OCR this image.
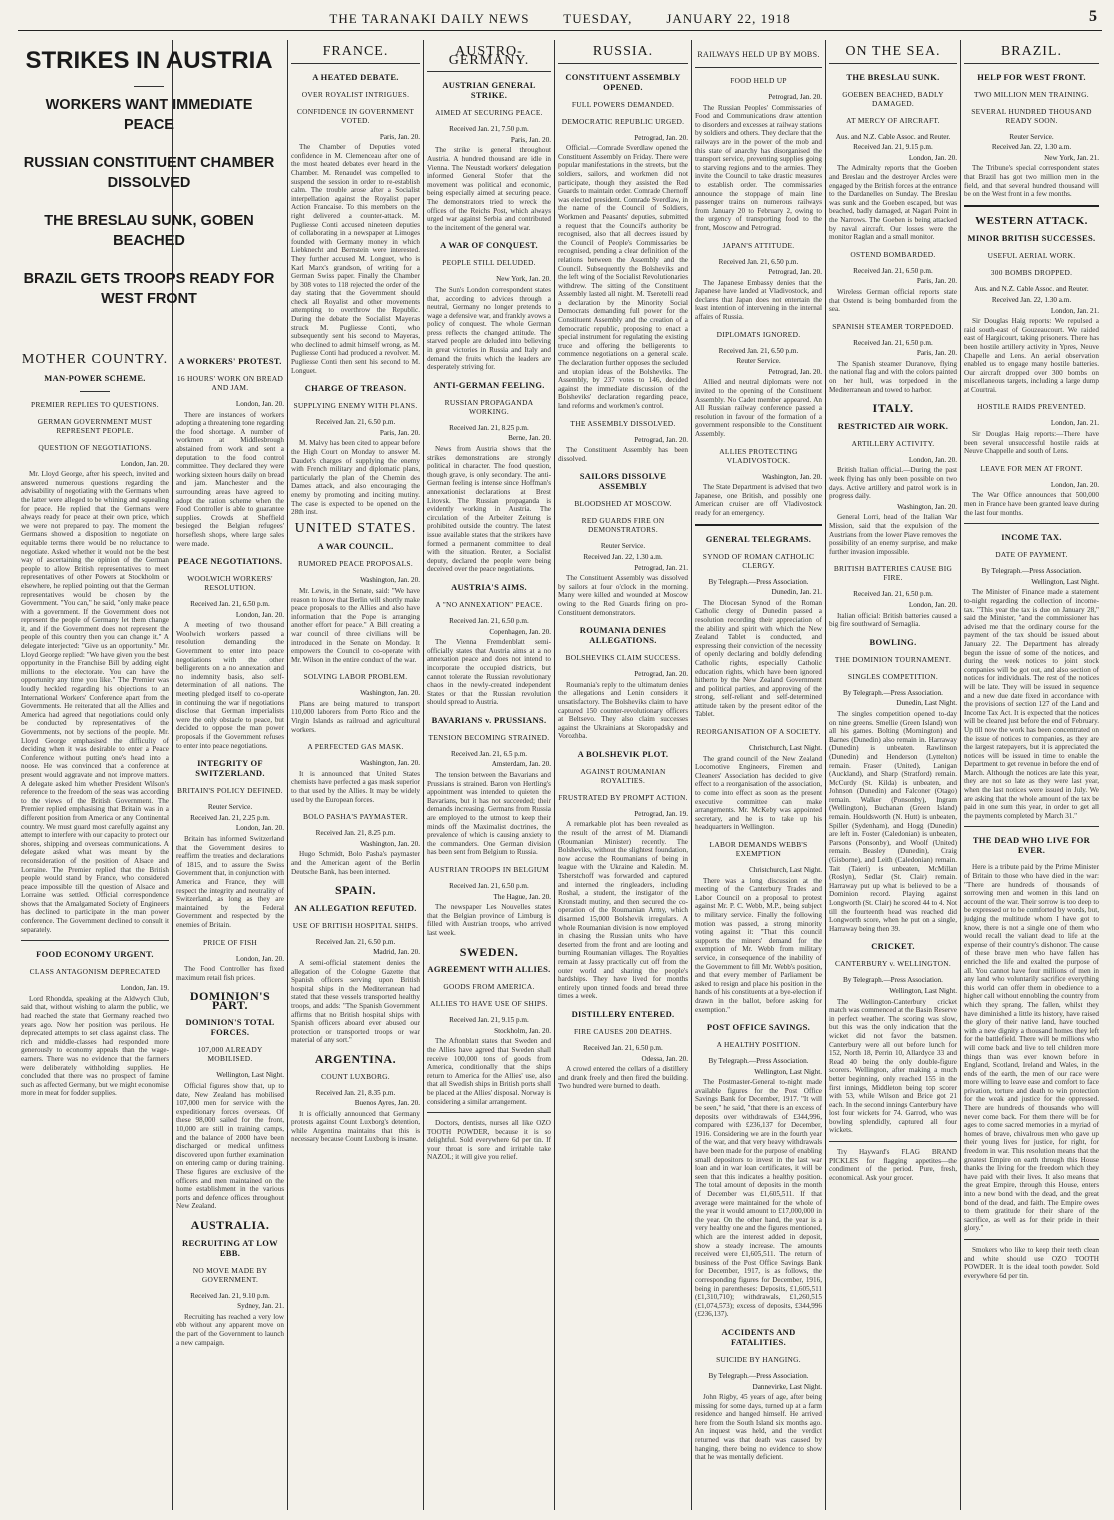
THE TARANAKI DAILY NEWS	TUESDAY,	JANUARY 22, 1918	5
STRIKES IN AUSTRIA
WORKERS WANT IMMEDIATE PEACE
RUSSIAN CONSTITUENT CHAMBER DISSOLVED
THE BRESLAU SUNK, GOBEN BEACHED
BRAZIL GETS TROOPS READY FOR WEST FRONT
MOTHER COUNTRY.
MAN-POWER SCHEME.
PREMIER REPLIES TO QUESTIONS.
GERMAN GOVERNMENT MUST REPRESENT PEOPLE.
QUESTION OF NEGOTIATIONS.
London, Jan. 20.

Mr. Lloyd George, after his speech, invited and answered numerous questions regarding the advisability of negotiating with the Germans when the latter were alleged to be whining and squealing for peace. He replied that the Germans were always ready for peace at their own price, which we were not prepared to pay. The moment the Germans showed a disposition to negotiate on equitable terms there would be no reluctance to negotiate. Asked whether it would not be the best way of ascertaining the opinion of the German people to allow British representatives to meet representatives of other Powers at Stockholm or elsewhere, he replied pointing out that the German representatives would be chosen by the Government. "You can," he said, "only make peace with a government. If the Government does not represent the people of Germany let them change it, and if the Government does not represent the people of this country then you can change it." A delegate interjected: "Give us an opportunity." Mr. Lloyd George replied: "We have given you the best opportunity in the Franchise Bill by adding eight millions to the electorate. You can have the opportunity any time you like." The Premier was loudly heckled regarding his objections to an International Workers' Conference apart from the Governments. He reiterated that all the Allies and America had agreed that negotiations could only be conducted by representatives of the Governments, not by sections of the people. Mr. Lloyd George emphasised the difficulty of deciding when it was desirable to enter a Peace Conference without putting one's head into a noose. He was convinced that a conference at present would aggravate and not improve matters. A delegate asked him whether President Wilson's reference to the freedom of the seas was according to the views of the British Government. The Premier replied emphasising that Britain was in a different position from America or any Continental country. We must guard most carefully against any attempt to interfere with our capacity to protect our shores, shipping and overseas communications. A delegate asked what was meant by the reconsideration of the position of Alsace and Lorraine. The Premier replied that the British people would stand by France, who considered peace impossible till the question of Alsace and Lorraine was settled. Official correspondence shows that the Amalgamated Society of Engineers has declined to participate in the man power conference. The Government declined to consult it separately.

FOOD ECONOMY URGENT.
CLASS ANTAGONISM DEPRECATED
London, Jan. 19.

Lord Rhondda, speaking at the Aldwych Club, said that, without wishing to alarm the public, we had reached the state that Germany reached two years ago. Now her position was perilous. He deprecated attempts to set class against class. The rich and middle-classes had responded more generously to economy appeals than the wage-earners. There was no evidence that the farmers were deliberately withholding supplies. He concluded that there was no prospect of famine such as affected Germany, but we might economise more in meat for fodder supplies.

A WORKERS' PROTEST.
16 HOURS' WORK ON BREAD AND JAM.
London, Jan. 20.

There are instances of workers adopting a threatening tone regarding the food shortage. A number of workmen at Middlesbrough abstained from work and sent a deputation to the food control committee. They declared they were working sixteen hours daily on bread and jam. Manchester and the surrounding areas have agreed to adopt the ration scheme when the Food Controller is able to guarantee supplies. Crowds at Sheffield besieged the Belgian refugees' horseflesh shops, where large sales were made.

PEACE NEGOTIATIONS.
WOOLWICH WORKERS' RESOLUTION.
Received Jan. 21, 6.50 p.m.
London, Jan. 20.

A meeting of two thousand Woolwich workers passed a resolution demanding the Government to enter into peace negotiations with the other belligerents on a no annexation and no indemnity basis, also self-determination of all nations. The meeting pledged itself to co-operate in continuing the war if negotiations disclose that German imperialists were the only obstacle to peace, but decided to oppose the man power proposals if the Government refuses to enter into peace negotiations.

INTEGRITY OF SWITZERLAND.
BRITAIN'S POLICY DEFINED.
Reuter Service.
Received Jan. 21, 2.25 p.m.
London, Jan. 20.

Britain has informed Switzerland that the Government desires to reaffirm the treaties and declarations of 1815, and to assure the Swiss Government that, in conjunction with America and France, they will respect the integrity and neutrality of Switzerland, as long as they are maintained by the Federal Government and respected by the enemies of Britain.

PRICE OF FISH
London, Jan. 20.

The Food Controller has fixed maximum retail fish prices.

DOMINION'S PART.
DOMINION'S TOTAL FORCES.
107,000 ALREADY MOBILISED.
Wellington, Last Night.

Official figures show that, up to date, New Zealand has mobilised 107,000 men for service with the expeditionary forces overseas. Of these 98,000 sailed for the front, 10,000 are still in training camps, and the balance of 2000 have been discharged or medical unfitness discovered upon further examination on entering camp or during training. These figures are exclusive of the officers and men maintained on the home establishment in the various ports and defence offices throughout New Zealand.

AUSTRALIA.
RECRUITING AT LOW EBB.
NO MOVE MADE BY GOVERNMENT.
Received Jan. 21, 9.10 p.m.
Sydney, Jan. 21.

Recruiting has reached a very low ebb without any apparent move on the part of the Government to launch a new campaign.

FRANCE.
A HEATED DEBATE.
OVER ROYALIST INTRIGUES.
CONFIDENCE IN GOVERNMENT VOTED.
Paris, Jan. 20.

The Chamber of Deputies voted confidence in M. Clemenceau after one of the most heated debates ever heard in the Chamber. M. Renaudel was compelled to suspend the session in order to re-establish calm. The trouble arose after a Socialist interpellation against the Royalist paper Action Francaise. To this members on the right delivered a counter-attack. M. Pugliesse Conti accused nineteen deputies of collaborating in a newspaper at Limoges founded with Germany money in which Liebknecht and Bernstein were interested. They further accused M. Longuet, who is Karl Marx's grandson, of writing for a German Swiss paper. Finally the Chamber by 308 votes to 118 rejected the order of the day stating that the Government should check all Royalist and other movements attempting to overthrow the Republic. During the debate the Socialist Mayeras struck M. Pugliesse Conti, who subsequently sent his second to Mayeras, who declined to admit himself wrong, as M. Pugliesse Conti had produced a revolver. M. Pugliesse Conti then sent his second to M. Longuet.

CHARGE OF TREASON.
SUPPLYING ENEMY WITH PLANS.
Received Jan. 21, 6.50 p.m.
Paris, Jan. 20.

M. Malvy has been cited to appear before the High Court on Monday to answer M. Daudet's charges of supplying the enemy with French military and diplomatic plans, particularly the plan of the Chemin des Dames attack, and also encouraging the enemy by promoting and inciting mutiny. The case is expected to be opened on the 28th inst.

UNITED STATES.
A WAR COUNCIL.
RUMORED PEACE PROPOSALS.
Washington, Jan. 20.

Mr. Lewis, in the Senate, said: "We have reason to know that Berlin will shortly make peace proposals to the Allies and also have information that the Pope is arranging another effort for peace." A Bill creating a war council of three civilians will be introduced in the Senate on Monday. It empowers the Council to co-operate with Mr. Wilson in the entire conduct of the war.

SOLVING LABOR PROBLEM.
Washington, Jan. 20.

Plans are being matured to transport 110,000 laborers from Porto Rico and the Virgin Islands as railroad and agricultural workers.

A PERFECTED GAS MASK.
Washington, Jan. 20.

It is announced that United States chemists have perfected a gas mask superior to that used by the Allies. It may be widely used by the European forces.

BOLO PASHA'S PAYMASTER.
Received Jan. 21, 8.25 p.m.
Washington, Jan. 20.

Hugo Schmidt, Bolo Pasha's paymaster and the American agent of the Berlin Deutsche Bank, has been interned.

SPAIN.
AN ALLEGATION REFUTED.
USE OF BRITISH HOSPITAL SHIPS.
Received Jan. 21, 6.50 p.m.
Madrid, Jan. 20.

A semi-official statement denies the allegation of the Cologne Gazette that Spanish officers serving upon British hospital ships in the Mediterranean had stated that these vessels transported healthy troops, and adds: "The Spanish Government affirms that no British hospital ships with Spanish officers aboard ever abused our protection or transported troops or war material of any sort."

ARGENTINA.
COUNT LUXBORG.
Received Jan. 21, 8.35 p.m.
Buenos Ayres, Jan. 20.

It is officially announced that Germany protests against Count Luxborg's detention, while Argentina maintains that this is necessary because Count Luxborg is insane.

AUSTRO-GERMANY.
AUSTRIAN GENERAL STRIKE.
AIMED AT SECURING PEACE.
Received Jan. 21, 7.50 p.m.
Paris, Jan. 20.

The strike is general throughout Austria. A hundred thousand are idle in Vienna. The Neustadt workers' delegation informed General Stofer that the movement was political and economic, being especially aimed at securing peace. The demonstrators tried to wreck the offices of the Reichs Post, which always urged war against Serbia and contributed to the incitement of the general war.

A WAR OF CONQUEST.
PEOPLE STILL DELUDED.
New York, Jan. 20.

The Sun's London correspondent states that, according to advices through a neutral, Germany no longer pretends to wage a defensive war, and frankly avows a policy of conquest. The whole German press reflects the changed attitude. The starved people are deluded into believing in great victories in Russia and Italy and demand the fruits which the leaders are desperately striving for.

ANTI-GERMAN FEELING.
RUSSIAN PROPAGANDA WORKING.
Received Jan. 21, 8.25 p.m.
Berne, Jan. 20.

News from Austria shows that the strikes demonstrations are strongly political in character. The food question, though grave, is only secondary. The anti-German feeling is intense since Hoffman's annexationist declarations at Brest Litovsk. The Russian propaganda is evidently working in Austria. The circulation of the Arbeiter Zeitung is prohibited outside the country. The latest issue available states that the strikers have formed a permanent committee to deal with the situation. Reuter, a Socialist deputy, declared the people were being deceived over the peace negotiations.

AUSTRIA'S AIMS.
A "NO ANNEXATION" PEACE.
Received Jan. 21, 6.50 p.m.
Copenhagen, Jan. 20.

The Vienna Fremdenblatt semi-officially states that Austria aims at a no annexation peace and does not intend to incorporate the occupied districts, but cannot tolerate the Russian revolutionary chaos in the newly-created independent States or that the Russian revolution should spread to Austria.

BAVARIANS v. PRUSSIANS.
TENSION BECOMING STRAINED.
Received Jan. 21, 6.5 p.m.
Amsterdam, Jan. 20.

The tension between the Bavarians and Prussians is strained. Baron von Hertling's appointment was intended to quieten the Bavarians, but it has not succeeded; their demands increasing. Germans from Russia are employed to the utmost to keep their minds off the Maximalist doctrines, the prevalence of which is causing anxiety to the commanders. One German division has been sent from Belgium to Russia.

AUSTRIAN TROOPS IN BELGIUM
Received Jan. 21, 6.50 p.m.
The Hague, Jan. 20.

The newspaper Les Nouvelles states that the Belgian province of Limburg is filled with Austrian troops, who arrived last week.

SWEDEN.
AGREEMENT WITH ALLIES.
GOODS FROM AMERICA.
ALLIES TO HAVE USE OF SHIPS.
Received Jan. 21, 9.15 p.m.
Stockholm, Jan. 20.

The Aftonblatt states that Sweden and the Allies have agreed that Sweden shall receive 100,000 tons of goods from America, conditionally that the ships return to America for the Allies' use, also that all Swedish ships in British ports shall be placed at the Allies' disposal. Norway is considering a similar arrangement.

Doctors, dentists, nurses all like OZO TOOTH POWDER, because it is so delightful. Sold everywhere 6d per tin. If your throat is sore and irritable take NAZOL; it will give you relief.

RUSSIA.
CONSTITUENT ASSEMBLY OPENED.
FULL POWERS DEMANDED.
DEMOCRATIC REPUBLIC URGED.
Petrograd, Jan. 20.

Official.—Comrade Sverdlaw opened the Constituent Assembly on Friday. There were popular manifestations in the streets, but the soldiers, sailors, and workmen did not participate, though they assisted the Red Guards to maintain order. Comrade Chernoff was elected president. Comrade Sverdlaw, in the name of the Council of Soldiers, Workmen and Peasants' deputies, submitted a request that the Council's authority be recognised, also that all decrees issued by the Council of People's Commissaries be recognised, pending a clear definition of the relations between the Assembly and the Council. Subsequently the Bolsheviks and the left wing of the Socialist Revolutionaries withdrew. The sitting of the Constituent Assembly lasted all night. M. Tseretelli read a declaration by the Minority Social Democrats demanding full power for the Constituent Assembly and the creation of a democratic republic, proposing to enact a special instrument for regulating the existing truce and offering the belligerents to commence negotiations on a general scale. The declaration further opposes the secluded and utopian ideas of the Bolsheviks. The Assembly, by 237 votes to 146, decided against the immediate discussion of the Bolsheviks' declaration regarding peace, land reforms and workmen's control.

THE ASSEMBLY DISSOLVED.
Petrograd, Jan. 20.

The Constituent Assembly has been dissolved.

SAILORS DISSOLVE ASSEMBLY
BLOODSHED AT MOSCOW.
RED GUARDS FIRE ON DEMONSTRATORS.
Reuter Service.
Received Jan. 22, 1.30 a.m.
Petrograd, Jan. 21.

The Constituent Assembly was dissolved by sailors at four o'clock in the morning. Many were killed and wounded at Moscow owing to the Red Guards firing on pro-Constituent demonstrators.

ROUMANIA DENIES ALLEGATIONS.
BOLSHEVIKS CLAIM SUCCESS.
Petrograd, Jan. 20.

Roumania's reply to the ultimatum denies the allegations and Lenin considers it unsatisfactory. The Bolsheviks claim to have captured 150 counter-revolutionary officers at Beltsevo. They also claim successes against the Ukrainians at Skoropadsky and Vorozhba.

A BOLSHEVIK PLOT.
AGAINST ROUMANIAN ROYALTIES.
FRUSTRATED BY PROMPT ACTION.
Petrograd, Jan. 19.

A remarkable plot has been revealed as the result of the arrest of M. Diamandi (Roumanian Minister) recently. The Bolsheviks, without the slightest foundation, now accuse the Roumanians of being in league with the Ukraine and Kaledin. M. Tsherstchoff was forwarded and captured and interned the ringleaders, including Roshal, a student, the instigator of the Kronstadt mutiny, and then secured the co-operation of the Roumanian Army, which disarmed 15,000 Bolshevik irregulars. A whole Roumanian division is now employed in chasing the Russian units who have deserted from the front and are looting and burning Roumanian villages. The Royalties remain at Jassy practically cut off from the outer world and sharing the people's hardships. They have lived for months entirely upon tinned foods and bread three times a week.

DISTILLERY ENTERED.
FIRE CAUSES 200 DEATHS.
Received Jan. 21, 6.50 p.m.
Odessa, Jan. 20.

A crowd entered the cellars of a distillery and drank freely and then fired the building. Two hundred were burned to death.

RAILWAYS HELD UP BY MOBS.
FOOD HELD UP
Petrograd, Jan. 20.

The Russian Peoples' Commissaries of Food and Communications draw attention to disorders and excesses at railway stations by soldiers and others. They declare that the railways are in the power of the mob and this state of anarchy has disorganised the transport service, preventing supplies going to starving regions and to the armies. They invite the Council to take drastic measures to establish order. The commissaries announce the stoppage of main line passenger trains on numerous railways from January 20 to February 2, owing to the urgency of transporting food to the front, Moscow and Petrograd.

JAPAN'S ATTITUDE.
Received Jan. 21, 6.50 p.m.
Petrograd, Jan. 20.

The Japanese Embassy denies that the Japanese have landed at Vladivostock, and declares that Japan does not entertain the least intention of intervening in the internal affairs of Russia.

DIPLOMATS IGNORED.
Received Jan. 21, 6.50 p.m.
Reuter Service.
Petrograd, Jan. 20.

Allied and neutral diplomats were not invited to the opening of the Constituent Assembly. No Cadet member appeared. An All Russian railway conference passed a resolution in favour of the formation of a government responsible to the Constituent Assembly.

ALLIES PROTECTING VLADIVOSTOCK.
Washington, Jan. 20.

The State Department is advised that two Japanese, one British, and possibly one American cruiser are off Vladivostock ready for an emergency.

GENERAL TELEGRAMS.
SYNOD OF ROMAN CATHOLIC CLERGY.
By Telegraph.—Press Association.
Dunedin, Jan. 21.

The Diocesan Synod of the Roman Catholic clergy of Dunedin passed a resolution recording their appreciation of the ability and spirit with which the New Zealand Tablet is conducted, and expressing their conviction of the necessity of openly declaring and boldly defending Catholic rights, especially Catholic education rights, which have been ignored hitherto by the New Zealand Government and political parties, and approving of the strong, self-reliant and self-determined attitude taken by the present editor of the Tablet.

REORGANISATION OF A SOCIETY.
Christchurch, Last Night.

The grand council of the New Zealand Locomotive Engineers, Firemen and Cleaners' Association has decided to give effect to a reorganisation of the association, to come into effect as soon as the present executive committee can make arrangements. Mr. McKeby was appointed secretary, and he is to take up his headquarters in Wellington.

LABOR DEMANDS WEBB'S EXEMPTION
Christchurch, Last Night.

There was a long discussion at the meeting of the Canterbury Trades and Labor Council on a proposal to protest against Mr. P. C. Webb, M.P., being subject to military service. Finally the following motion was passed, a strong minority voting against it: "That this council supports the miners' demand for the exemption of Mr. Webb from military service, in consequence of the inability of the Government to fill Mr. Webb's position, and that every member of Parliament be asked to resign and place his position in the hands of his constituents at a bye-election if drawn in the ballot, before asking for exemption."

POST OFFICE SAVINGS.
A HEALTHY POSITION.
By Telegraph.—Press Association.
Wellington, Last Night.

The Postmaster-General to-night made available figures for the Post Office Savings Bank for December, 1917. "It will be seen," he said, "that there is an excess of deposits over withdrawals of £344,996, compared with £236,137 for December, 1916. Considering we are in the fourth year of the war, and that very heavy withdrawals have been made for the purpose of enabling small depositors to invest in the last war loan and in war loan certificates, it will be seen that this indicates a healthy position. The total amount of deposits in the month of December was £1,605,511. If that average were maintained for the whole of the year it would amount to £17,000,000 in the year. On the other hand, the year is a very healthy one and the figures mentioned, which are the interest added in deposit, show a steady increase. The amounts received were £1,605,511. The return of business of the Post Office Savings Bank for December, 1917, is as follows, the corresponding figures for December, 1916, being in parentheses: Deposits, £1,605,511 (£1,310,710); withdrawals, £1,260,515 (£1,074,573); excess of deposits, £344,996 (£236,137).

ACCIDENTS AND FATALITIES.
SUICIDE BY HANGING.
By Telegraph.—Press Association.
Dannevirke, Last Night.

John Rigby, 45 years of age, after being missing for some days, turned up at a farm residence and hanged himself. He arrived here from the South Island six months ago. An inquest was held, and the verdict returned was that death was caused by hanging, there being no evidence to show that he was mentally deficient.

ON THE SEA.
THE BRESLAU SUNK.
GOEBEN BEACHED, BADLY DAMAGED.
AT MERCY OF AIRCRAFT.
Aus. and N.Z. Cable Assoc. and Reuter.
Received Jan. 21, 9.15 p.m.
London, Jan. 20.

The Admiralty reports that the Goeben and Breslau and the destroyer Arcles were engaged by the British forces at the entrance to the Dardanelles on Sunday. The Breslau was sunk and the Goeben escaped, but was beached, badly damaged, at Nagari Point in the Narrows. The Goeben is being attacked by naval aircraft. Our losses were the monitor Raglan and a small monitor.

OSTEND BOMBARDED.
Received Jan. 21, 6.50 p.m.
Paris, Jan. 20.

Wireless German official reports state that Ostend is being bombarded from the sea.

SPANISH STEAMER TORPEDOED.
Received Jan. 21, 6.50 p.m.
Paris, Jan. 20.

The Spanish steamer Duranove, flying the national flag and with the colors painted on her hull, was torpedoed in the Mediterranean and towed to harbor.

ITALY.
RESTRICTED AIR WORK.
ARTILLERY ACTIVITY.
London, Jan. 20.

British Italian official.—During the past week flying has only been possible on two days. Active artillery and patrol work is in progress daily.

Washington, Jan. 20.

General Lorri, head of the Italian War Mission, said that the expulsion of the Austrians from the lower Piave removes the possibility of an enemy surprise, and make further invasion impossible.

BRITISH BATTERIES CAUSE BIG FIRE.
Received Jan. 21, 6.50 p.m.
London, Jan. 20.

Italian official: British batteries caused a big fire southward of Sernaglia.

BOWLING.
THE DOMINION TOURNAMENT.
SINGLES COMPETITION.
By Telegraph.—Press Association.
Dunedin, Last Night.

The singles competition opened to-day on nine greens. Smellie (Green Island) won all his games. Bolting (Mornington) and Barnes (Dunedin) also remain in. Harraway (Dunedin) is unbeaten. Rawlinson (Dunedin) and Henderson (Lyttelton) remain. Fraser (United), Lanigan (Auckland), and Sharp (Stratford) remain. McCurdy (St. Kilda) is unbeaten, and Johnson (Dunedin) and Falconer (Otago) remain. Walker (Ponsonby), Ingram (Wellington), Buchanan (Green Island) remain. Houldsworth (N. Hutt) is unbeaten, Spiller (Sydenham), and Hogg (Dunedin) are left in. Foster (Caledonian) is unbeaten, Parsons (Ponsonby), and Woolf (United) remain. Beasley (Dunedin), Craig (Gisborne), and Leith (Caledonian) remain. Tait (Taieri) is unbeaten, McMillan (Roslyn), Sedlar (St. Clair) remain. Harraway put up what is believed to be a Dominion record. Playing against Longworth (St. Clair) he scored 44 to 4. Not till the fourteenth head was reached did Longworth score, when he put on a single, Harraway being then 39.

CRICKET.
CANTERBURY v. WELLINGTON.
By Telegraph.—Press Association.
Wellington, Last Night.

The Wellington-Canterbury cricket match was commenced at the Basin Reserve in perfect weather. The scoring was slow, but this was the only indication that the wicket did not favor the batsmen. Canterbury were all out before lunch for 152, North 18, Perrin 10, Allardyce 33 and Read 40 being the only double-figure scorers. Wellington, after making a much better beginning, only reached 155 in the first innings, Middleton being top scorer with 53, while Wilson and Brice got 21 each. In the second innings Canterbury have lost four wickets for 74. Garrod, who was bowling splendidly, captured all four wickets.

Try Hayward's FLAG BRAND PICKLES for flagging appetites—the condiment of the period. Pure, fresh, economical. Ask your grocer.

BRAZIL.
HELP FOR WEST FRONT.
TWO MILLION MEN TRAINING.
SEVERAL HUNDRED THOUSAND READY SOON.
Reuter Service.
Received Jan. 22, 1.30 a.m.
New York, Jan. 21.

The Tribune's special correspondent states that Brazil has got two million men in the field, and that several hundred thousand will be on the West front in a few months.

WESTERN ATTACK.
MINOR BRITISH SUCCESSES.
USEFUL AERIAL WORK.
300 BOMBS DROPPED.
Aus. and N.Z. Cable Assoc. and Reuter.
Received Jan. 22, 1.30 a.m.
London, Jan. 21.

Sir Douglas Haig reports: We repulsed a raid south-east of Gouzeaucourt. We raided east of Hargicourt, taking prisoners. There has been hostile artillery activity in Ypres, Neuve Chapelle and Lens. An aerial observation enabled us to engage many hostile batteries. Our aircraft dropped over 300 bombs on miscellaneous targets, including a large dump at Courtrai.

HOSTILE RAIDS PREVENTED.
London, Jan. 21.

Sir Douglas Haig reports:—There have been several unsuccessful hostile raids at Neuve Chappelle and south of Lens.

LEAVE FOR MEN AT FRONT.
London, Jan. 20.

The War Office announces that 500,000 men in France have been granted leave during the last four months.

INCOME TAX.
DATE OF PAYMENT.
By Telegraph.—Press Association.
Wellington, Last Night.

The Minister of Finance made a statement to-night regarding the collection of income-tax. "This year the tax is due on January 28," said the Minister, "and the commissioner has advised me that the ordinary course for the payment of the tax should be issued about January 22. The Department has already begun the issue of some of the notices, and during the week notices to joint stock companies will be got out, and also section of notices for individuals. The rest of the notices will be late. They will be issued in sequence and a new due date fixed in accordance with the provisions of section 127 of the Land and Income Tax Act. It is expected that the notices will be cleared just before the end of February. Up till now the work has been concentrated on the issue of notices to companies, as they are the largest ratepayers, but it is appreciated the notices will be issued in time to enable the Department to get revenue in before the end of March. Although the notices are late this year, they are not so late as they were last year, when the last notices were issued in July. We are asking that the whole amount of the tax be paid in one sum this year, in order to get all the payments completed by March 31."

THE DEAD WHO LIVE FOR EVER.

Here is a tribute paid by the Prime Minister of Britain to those who have died in the war: "There are hundreds of thousands of sorrowing men and women in this land on account of the war. Their sorrow is too deep to be expressed or to be comforted by words, but, judging the multitude whom I have got to know, there is not a single one of them who would recall the valiant dead to life at the expense of their country's dishonor. The cause of these brave men who have fallen has enriched the life and exalted the purpose of all. You cannot have four millions of men in any land who voluntarily sacrifice everything this world can offer them in obedience to a higher call without ennobling the country from which they sprang. The fallen, whilst they have diminished a little its history, have raised the glory of their native land, have touched with a new dignity a thousand homes they left for the battlefield. There will be millions who will come back and live to tell children more things than was ever known before in England, Scotland, Ireland and Wales, in the ends of the earth, the men of our race were more willing to leave ease and comfort to face privation, torture and death to win protection for the weak and justice for the oppressed. There are hundreds of thousands who will never come back. For them there will be for ages to come sacred memories in a myriad of homes of brave, chivalrous men who gave up their young lives for justice, for right, for freedom in war. This resolution means that the greatest Empire on earth through this House thanks the living for the freedom which they have paid with their lives. It also means that the great Empire, through this House, enters into a new bond with the dead, and the great bond of the dead, and faith. The Empire owes to them gratitude for their share of the sacrifice, as well as for their pride in their glory."

Smokers who like to keep their teeth clean and white should use OZO TOOTH POWDER. It is the ideal tooth powder. Sold everywhere 6d per tin.
